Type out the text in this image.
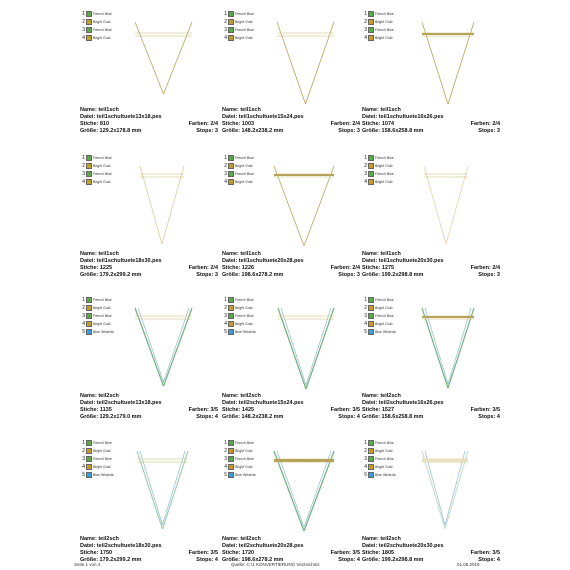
1 French Blue
2 Bright Gold
3 French Blue
4 Bright Gold
Name: teil1sch
Datei: teil1schultuete13x18.pes
Stiche: 810	Farben: 2/4
Größe: 129.2x178.8 mm	Stops: 3
1 French Blue
2 Bright Gold
3 French Blue
4 Bright Gold
Name: teil1sch
Datei: teil1schultuete15x24.pes
Stiche: 1003	Farben: 2/4
Größe: 148.2x238.2 mm	Stops: 3
1 French Blue
2 Bright Gold
3 French Blue
4 Bright Gold
Name: teil1sch
Datei: teil1schultuete16x26.pes
Stiche: 1074	Farben: 2/4
Größe: 158.6x258.8 mm	Stops: 3
1 French Blue
2 Bright Gold
3 French Blue
4 Bright Gold
Name: teil1sch
Datei: teil1schultuete18x30.pes
Stiche: 1225	Farben: 2/4
Größe: 179.2x299.2 mm	Stops: 3
1 French Blue
2 Bright Gold
3 French Blue
4 Bright Gold
Name: teil1sch
Datei: teil1schultuete20x28.pes
Stiche: 1226	Farben: 2/4
Größe: 198.6x278.2 mm	Stops: 3
1 French Blue
2 Bright Gold
3 French Blue
4 Bright Gold
Name: teil1sch
Datei: teil1schultuete20x30.pes
Stiche: 1275	Farben: 2/4
Größe: 199.2x298.8 mm	Stops: 3
1 French Blue
2 Bright Gold
3 French Blue
4 Bright Gold
5 Blue Wisteria
Name: teil2sch
Datei: teil2schultuete13x18.pes
Stiche: 1135	Farben: 3/5
Größe: 129.2x179.0 mm	Stops: 4
1 French Blue
2 Bright Gold
3 French Blue
4 Bright Gold
5 Blue Wisteria
Name: teil2sch
Datei: teil2schultuete15x24.pes
Stiche: 1425	Farben: 3/5
Größe: 148.2x238.2 mm	Stops: 4
1 French Blue
2 Bright Gold
3 French Blue
4 Bright Gold
5 Blue Wisteria
Name: teil2sch
Datei: teil2schultuete16x26.pes
Stiche: 1527	Farben: 3/5
Größe: 158.6x258.8 mm	Stops: 4
1 French Blue
2 Bright Gold
3 French Blue
4 Bright Gold
5 Blue Wisteria
Name: teil2sch
Datei: teil2schultuete18x30.pes
Stiche: 1750	Farben: 3/5
Größe: 179.2x299.2 mm	Stops: 4
1 French Blue
2 Bright Gold
3 French Blue
4 Bright Gold
5 Blue Wisteria
Name: teil2sch
Datei: teil2schultuete20x28.pes
Stiche: 1720	Farben: 3/5
Größe: 198.6x278.2 mm	Stops: 4
1 French Blue
2 Bright Gold
3 French Blue
4 Bright Gold
5 Blue Wisteria
Name: teil2sch
Datei: teil2schultuete20x30.pes
Stiche: 1805	Farben: 3/5
Größe: 199.2x298.8 mm	Stops: 4
Seite 1 von 4	Quelle: C:\1 KONVERTIERUNG Verzeichnis	01.06.2019
